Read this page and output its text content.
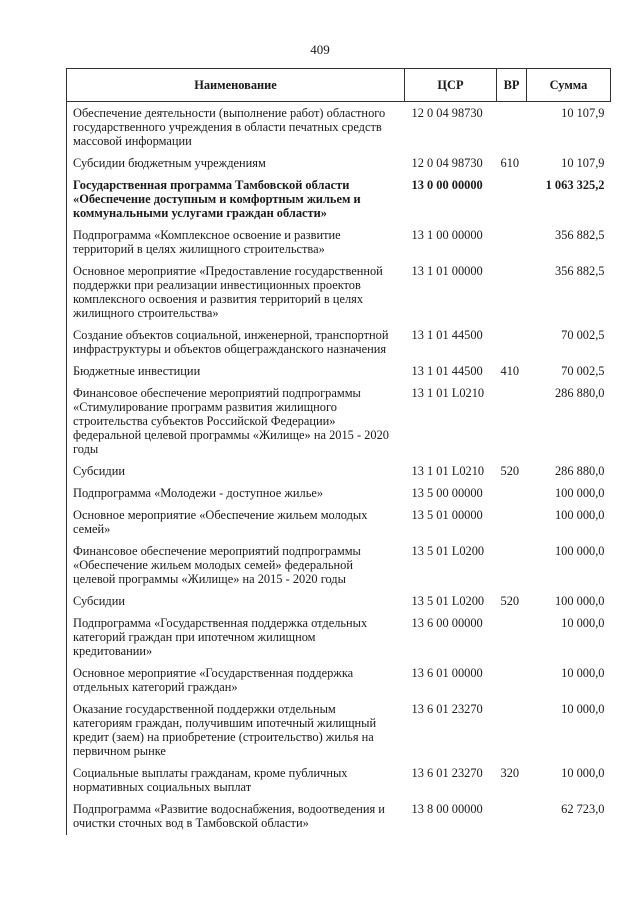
409
Наименование	ЦСР	ВР	Сумма
Обеспечение деятельности (выполнение работ) областного государственного учреждения в области печатных средств массовой информации	12 0 04 98730		10 107,9
Субсидии бюджетным учреждениям	12 0 04 98730	610	10 107,9
Государственная программа Тамбовской области «Обеспечение доступным и комфортным жильем и коммунальными услугами граждан области»	13 0 00 00000		1 063 325,2
Подпрограмма «Комплексное освоение и развитие территорий в целях жилищного строительства»	13 1 00 00000		356 882,5
Основное мероприятие «Предоставление государственной поддержки при реализации инвестиционных проектов комплексного освоения и развития территорий в целях жилищного строительства»	13 1 01 00000		356 882,5
Создание объектов социальной, инженерной, транспортной инфраструктуры и объектов общегражданского назначения	13 1 01 44500		70 002,5
Бюджетные инвестиции	13 1 01 44500	410	70 002,5
Финансовое обеспечение мероприятий подпрограммы «Стимулирование программ развития жилищного строительства субъектов Российской Федерации» федеральной целевой программы «Жилище» на 2015 - 2020 годы	13 1 01 L0210		286 880,0
Субсидии	13 1 01 L0210	520	286 880,0
Подпрограмма «Молодежи - доступное жилье»	13 5 00 00000		100 000,0
Основное мероприятие «Обеспечение жильем молодых семей»	13 5 01 00000		100 000,0
Финансовое обеспечение мероприятий подпрограммы «Обеспечение жильем молодых семей» федеральной целевой программы «Жилище» на 2015 - 2020 годы	13 5 01 L0200		100 000,0
Субсидии	13 5 01 L0200	520	100 000,0
Подпрограмма «Государственная поддержка отдельных категорий граждан при ипотечном жилищном кредитовании»	13 6 00 00000		10 000,0
Основное мероприятие «Государственная поддержка отдельных категорий граждан»	13 6 01 00000		10 000,0
Оказание государственной поддержки отдельным категориям граждан, получившим ипотечный жилищный кредит (заем) на приобретение (строительство) жилья на первичном рынке	13 6 01 23270		10 000,0
Социальные выплаты гражданам, кроме публичных нормативных социальных выплат	13 6 01 23270	320	10 000,0
Подпрограмма «Развитие водоснабжения, водоотведения и очистки сточных вод в Тамбовской области»	13 8 00 00000		62 723,0
